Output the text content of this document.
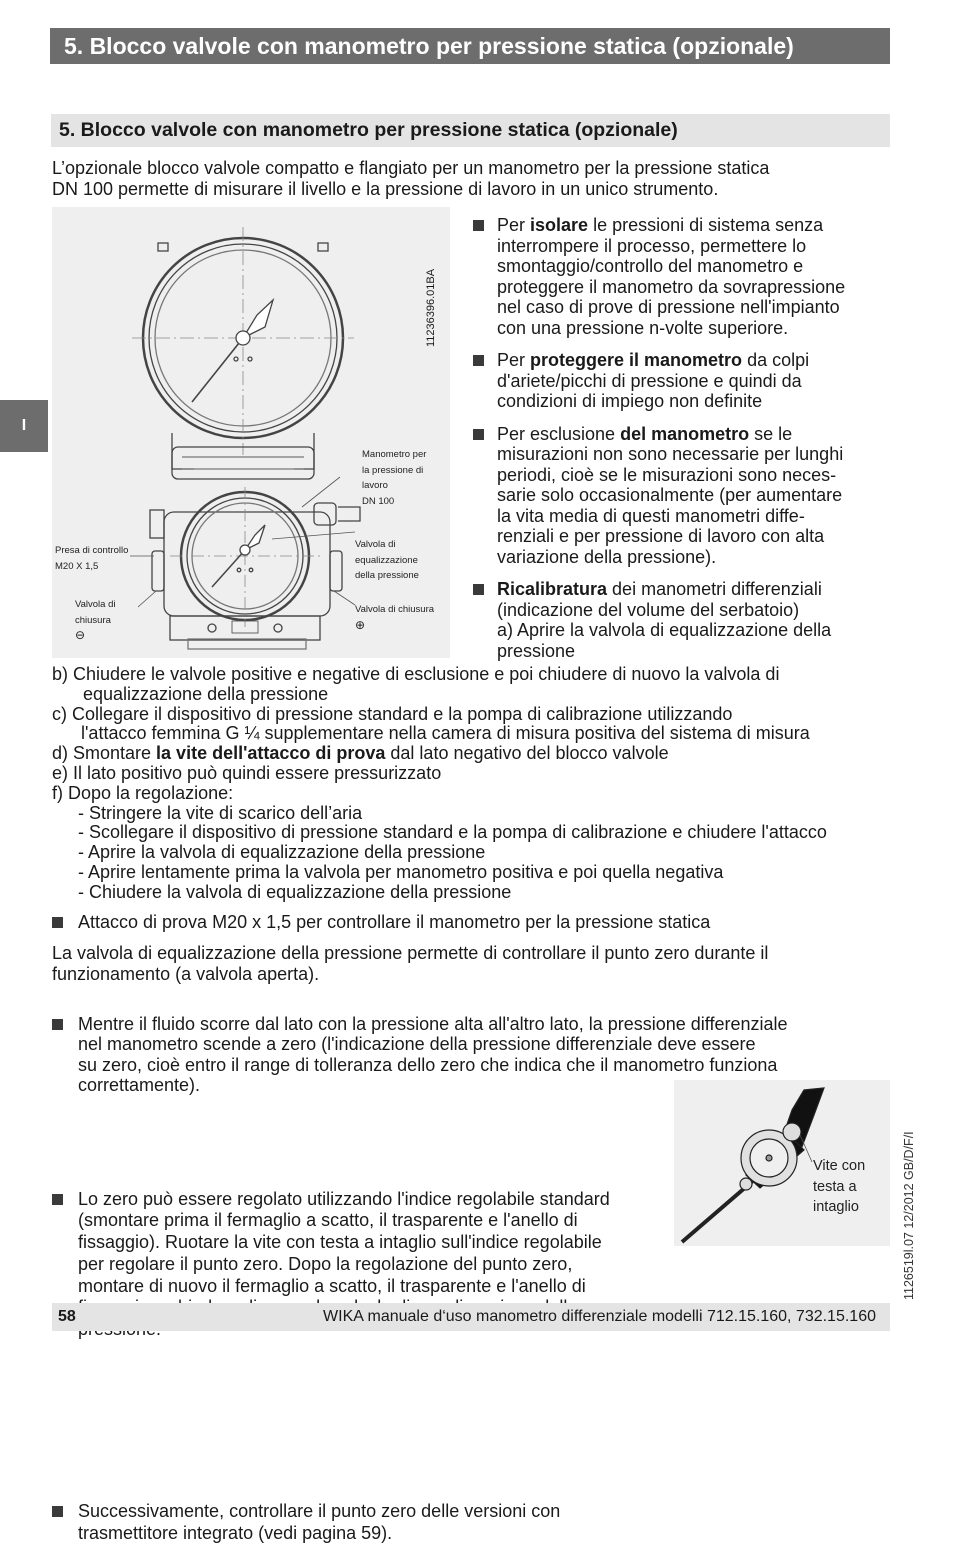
5. Blocco valvole con manometro per pressione statica (opzionale)
5. Blocco valvole con manometro per pressione statica (opzionale)
I

L’opzionale blocco valvole compatto e flangiato per un manometro per la pressione statica

DN 100 permette di misurare il livello e la pressione di lavoro in un unico strumento.

11236396.01BA
Manometro per
la pressione di
lavoro
DN 100
Valvola di
equalizzazione
della pressione
Presa di controllo
M20 X 1,5
Valvola di
chiusura
⊖
Valvola di chiusura
⊕
Per isolare le pressioni di sistema senza
interrompere il processo, permettere lo
smontaggio/controllo del manometro e
proteggere il manometro da sovrapressione
nel caso di prove di pressione nell'impianto
con una pressione n-volte superiore.
Per proteggere il manometro da colpi
d'ariete/picchi di pressione e quindi da
condizioni di impiego non definite
Per esclusione del manometro se le
misurazioni non sono necessarie per lunghi
periodi, cioè se le misurazioni sono neces-
sarie solo occasionalmente (per aumentare
la vita media di questi manometri diffe-
renziali e per pressione di lavoro con alta
variazione della pressione).
Ricalibratura dei manometri differenziali
(indicazione del volume del serbatoio)
a) Aprire la valvola di equalizzazione della
pressione
b) Chiudere le valvole positive e negative di esclusione e poi chiudere di nuovo la valvola di
equalizzazione della pressione
c) Collegare il dispositivo di pressione standard e la pompa di calibrazione utilizzando
l'attacco femmina G ¼ supplementare nella camera di misura positiva del sistema di misura
d) Smontare la vite dell'attacco di prova dal lato negativo del blocco valvole
e) Il lato positivo può quindi essere pressurizzato
f) Dopo la regolazione:
- Stringere la vite di scarico dell’aria
- Scollegare il dispositivo di pressione standard e la pompa di calibrazione e chiudere l'attacco
- Aprire la valvola di equalizzazione della pressione
- Aprire lentamente prima la valvola per manometro positiva e poi quella negativa
- Chiudere la valvola di equalizzazione della pressione
Attacco di prova M20 x 1,5 per controllare il manometro per la pressione statica
La valvola di equalizzazione della pressione permette di controllare il punto zero durante il
funzionamento (a valvola aperta).
Mentre il fluido scorre dal lato con la pressione alta all'altro lato, la pressione differenziale
nel manometro scende a zero (l'indicazione della pressione differenziale deve essere
su zero, cioè entro il range di tolleranza dello zero che indica che il manometro funziona
correttamente).
Lo zero può essere regolato utilizzando l'indice regolabile standard
(smontare prima il fermaglio a scatto, il trasparente e l'anello di
fissaggio). Ruotare la vite con testa a intaglio sull'indice regolabile
per regolare il punto zero. Dopo la regolazione del punto zero,
montare di nuovo il fermaglio a scatto, il trasparente e l'anello di
Successivamente, controllare il punto zero delle versioni con
trasmettitore integrato (vedi pagina 59).
Vite con
testa a
intaglio	1126519l.07 12/2012 GB/D/F/I
58	WIKA manuale d‘uso manometro differenziale modelli 712.15.160, 732.15.160
